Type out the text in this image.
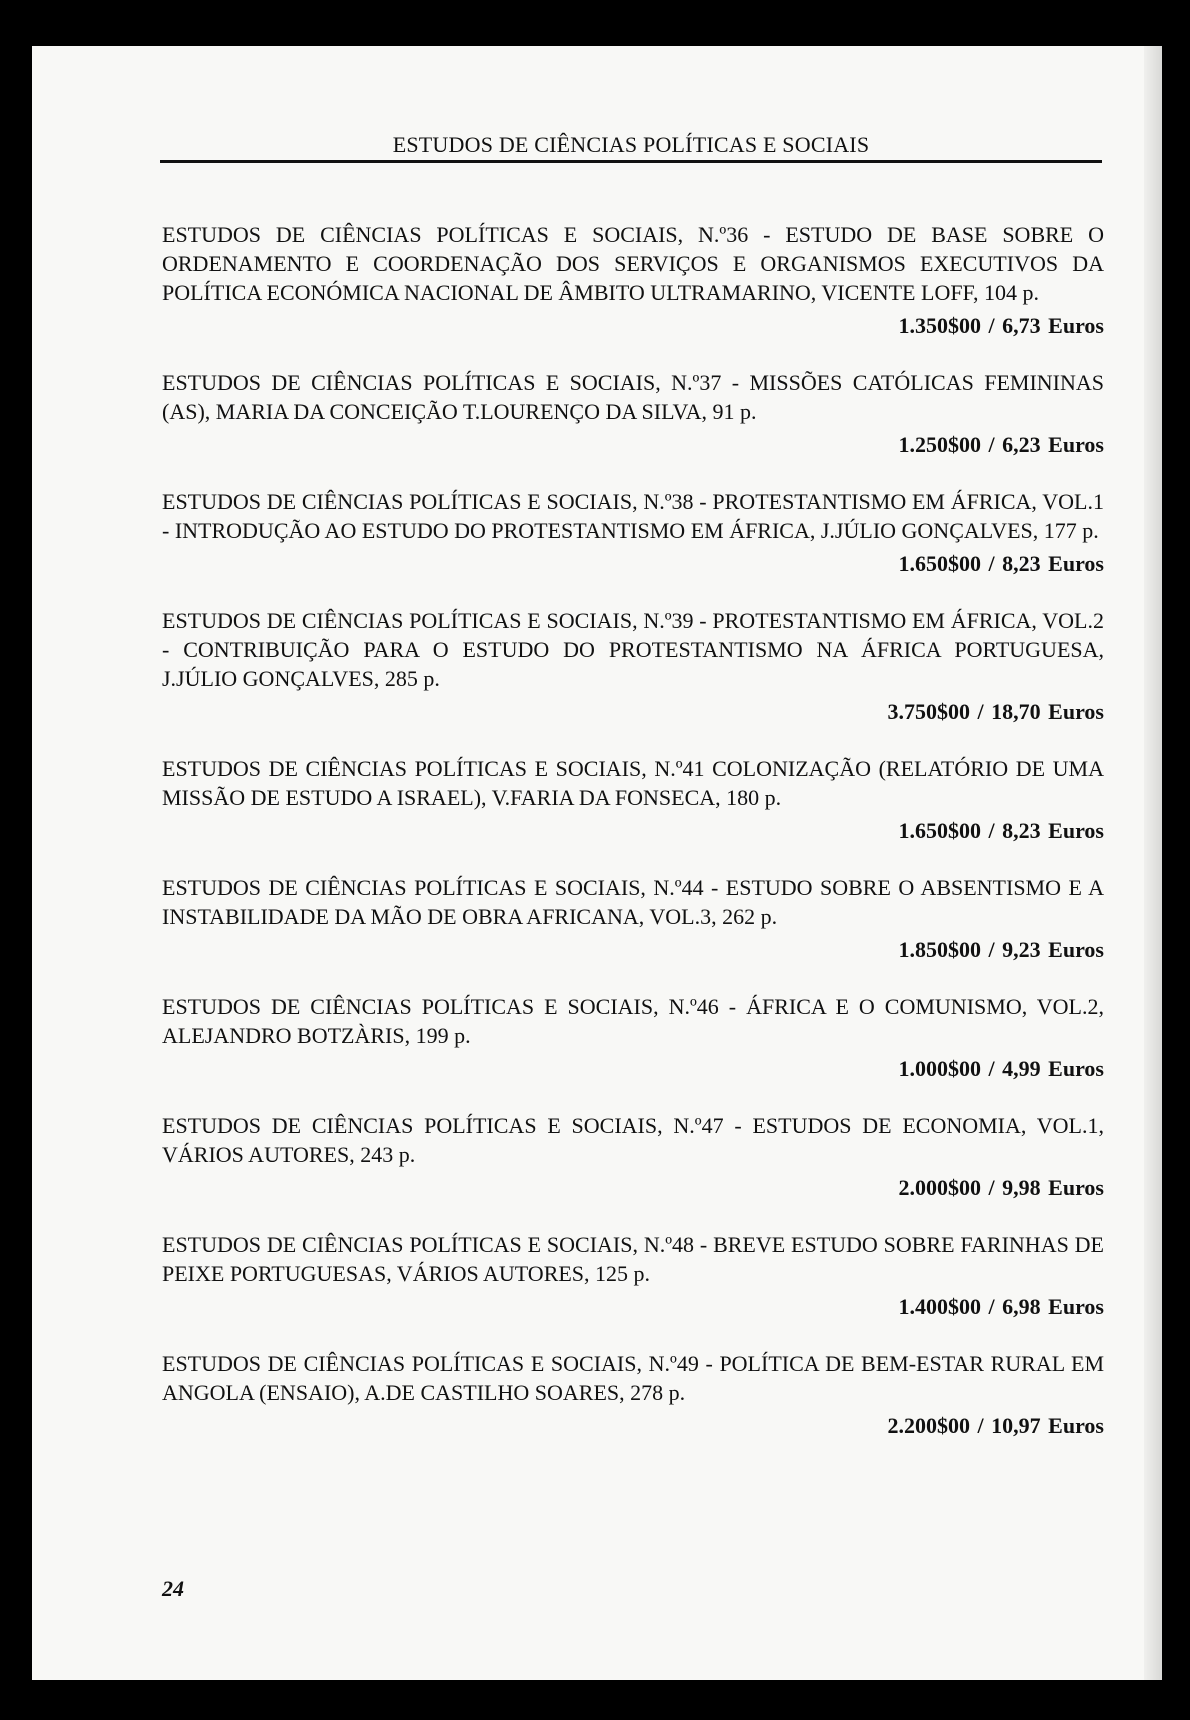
ESTUDOS DE CIÊNCIAS POLÍTICAS E SOCIAIS
ESTUDOS DE CIÊNCIAS POLÍTICAS E SOCIAIS, N.º36 - ESTUDO DE BASE SOBRE O ORDENAMENTO E COORDENAÇÃO DOS SERVIÇOS E ORGANISMOS EXECUTIVOS DA POLÍTICA ECONÓMICA NACIONAL DE ÂMBITO ULTRAMARINO, VICENTE LOFF, 104 p.
1.350$00 / 6,73 Euros
ESTUDOS DE CIÊNCIAS POLÍTICAS E SOCIAIS, N.º37 - MISSÕES CATÓLICAS FEMININAS (AS), MARIA DA CONCEIÇÃO T.LOURENÇO DA SILVA, 91 p.
1.250$00 / 6,23 Euros
ESTUDOS DE CIÊNCIAS POLÍTICAS E SOCIAIS, N.º38 - PROTESTANTISMO EM ÁFRICA, VOL.1 - INTRODUÇÃO AO ESTUDO DO PROTESTANTISMO EM ÁFRICA, J.JÚLIO GONÇALVES, 177 p.
1.650$00 / 8,23 Euros
ESTUDOS DE CIÊNCIAS POLÍTICAS E SOCIAIS, N.º39 - PROTESTANTISMO EM ÁFRICA, VOL.2 - CONTRIBUIÇÃO PARA O ESTUDO DO PROTESTANTISMO NA ÁFRICA PORTUGUESA, J.JÚLIO GONÇALVES, 285 p.
3.750$00 / 18,70 Euros
ESTUDOS DE CIÊNCIAS POLÍTICAS E SOCIAIS, N.º41 COLONIZAÇÃO (RELATÓRIO DE UMA MISSÃO DE ESTUDO A ISRAEL), V.FARIA DA FONSECA, 180 p.
1.650$00 / 8,23 Euros
ESTUDOS DE CIÊNCIAS POLÍTICAS E SOCIAIS, N.º44 - ESTUDO SOBRE O ABSENTISMO E A INSTABILIDADE DA MÃO DE OBRA AFRICANA, VOL.3, 262 p.
1.850$00 / 9,23 Euros
ESTUDOS DE CIÊNCIAS POLÍTICAS E SOCIAIS, N.º46 - ÁFRICA E O COMUNISMO, VOL.2, ALEJANDRO BOTZÀRIS, 199 p.
1.000$00 / 4,99 Euros
ESTUDOS DE CIÊNCIAS POLÍTICAS E SOCIAIS, N.º47 - ESTUDOS DE ECONOMIA, VOL.1, VÁRIOS AUTORES, 243 p.
2.000$00 / 9,98 Euros
ESTUDOS DE CIÊNCIAS POLÍTICAS E SOCIAIS, N.º48 - BREVE ESTUDO SOBRE FARINHAS DE PEIXE PORTUGUESAS, VÁRIOS AUTORES, 125 p.
1.400$00 / 6,98 Euros
ESTUDOS DE CIÊNCIAS POLÍTICAS E SOCIAIS, N.º49 - POLÍTICA DE BEM-ESTAR RURAL EM ANGOLA (ENSAIO), A.DE CASTILHO SOARES, 278 p.
2.200$00 / 10,97 Euros
24
